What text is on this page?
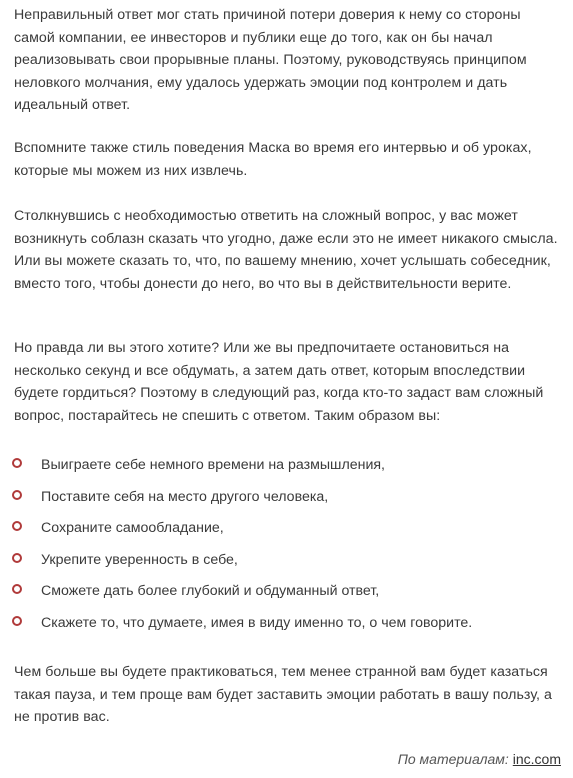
Неправильный ответ мог стать причиной потери доверия к нему со стороны самой компании, ее инвесторов и публики еще до того, как он бы начал реализовывать свои прорывные планы. Поэтому, руководствуясь принципом неловкого молчания, ему удалось удержать эмоции под контролем и дать идеальный ответ.

Вспомните также стиль поведения Маска во время его интервью и об уроках, которые мы можем из них извлечь.

Столкнувшись с необходимостью ответить на сложный вопрос, у вас может возникнуть соблазн сказать что угодно, даже если это не имеет никакого смысла. Или вы можете сказать то, что, по вашему мнению, хочет услышать собеседник, вместо того, чтобы донести до него, во что вы в действительности верите.

Но правда ли вы этого хотите? Или же вы предпочитаете остановиться на несколько секунд и все обдумать, а затем дать ответ, которым впоследствии будете гордиться? Поэтому в следующий раз, когда кто-то задаст вам сложный вопрос, постарайтесь не спешить с ответом. Таким образом вы:

Выиграете себе немного времени на размышления,
Поставите себя на место другого человека,
Сохраните самообладание,
Укрепите уверенность в себе,
Сможете дать более глубокий и обдуманный ответ,
Скажете то, что думаете, имея в виду именно то, о чем говорите.

Чем больше вы будете практиковаться, тем менее странной вам будет казаться такая пауза, и тем проще вам будет заставить эмоции работать в вашу пользу, а не против вас.

По материалам: inc.com
